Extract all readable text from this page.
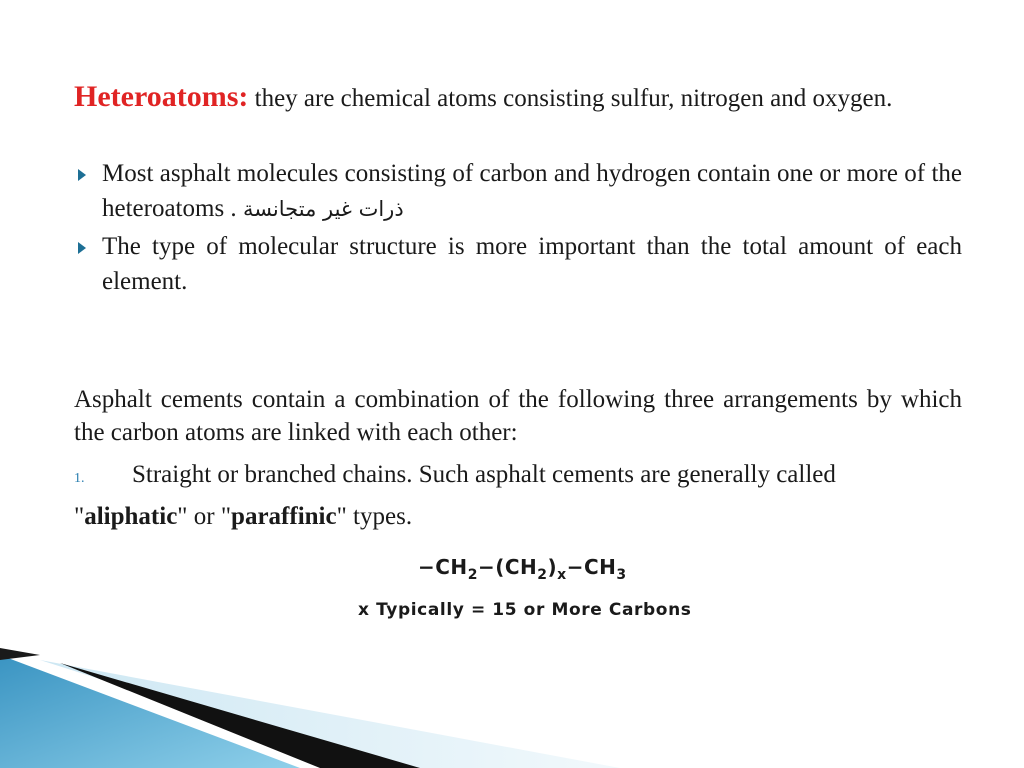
Heteroatoms: they are chemical atoms consisting sulfur, nitrogen and oxygen.
Most asphalt molecules consisting of carbon and hydrogen contain one or more of the heteroatoms . ذرات غير متجانسة
The type of molecular structure is more important than the total amount of each element.
Asphalt cements contain a combination of the following three arrangements by which the carbon atoms are linked with each other:
1. Straight or branched chains. Such asphalt cements are generally called
"aliphatic" or "paraffinic" types.
$-CH_2-(CH_2)_x-CH_3$
x Typically = 15 or More Carbons
